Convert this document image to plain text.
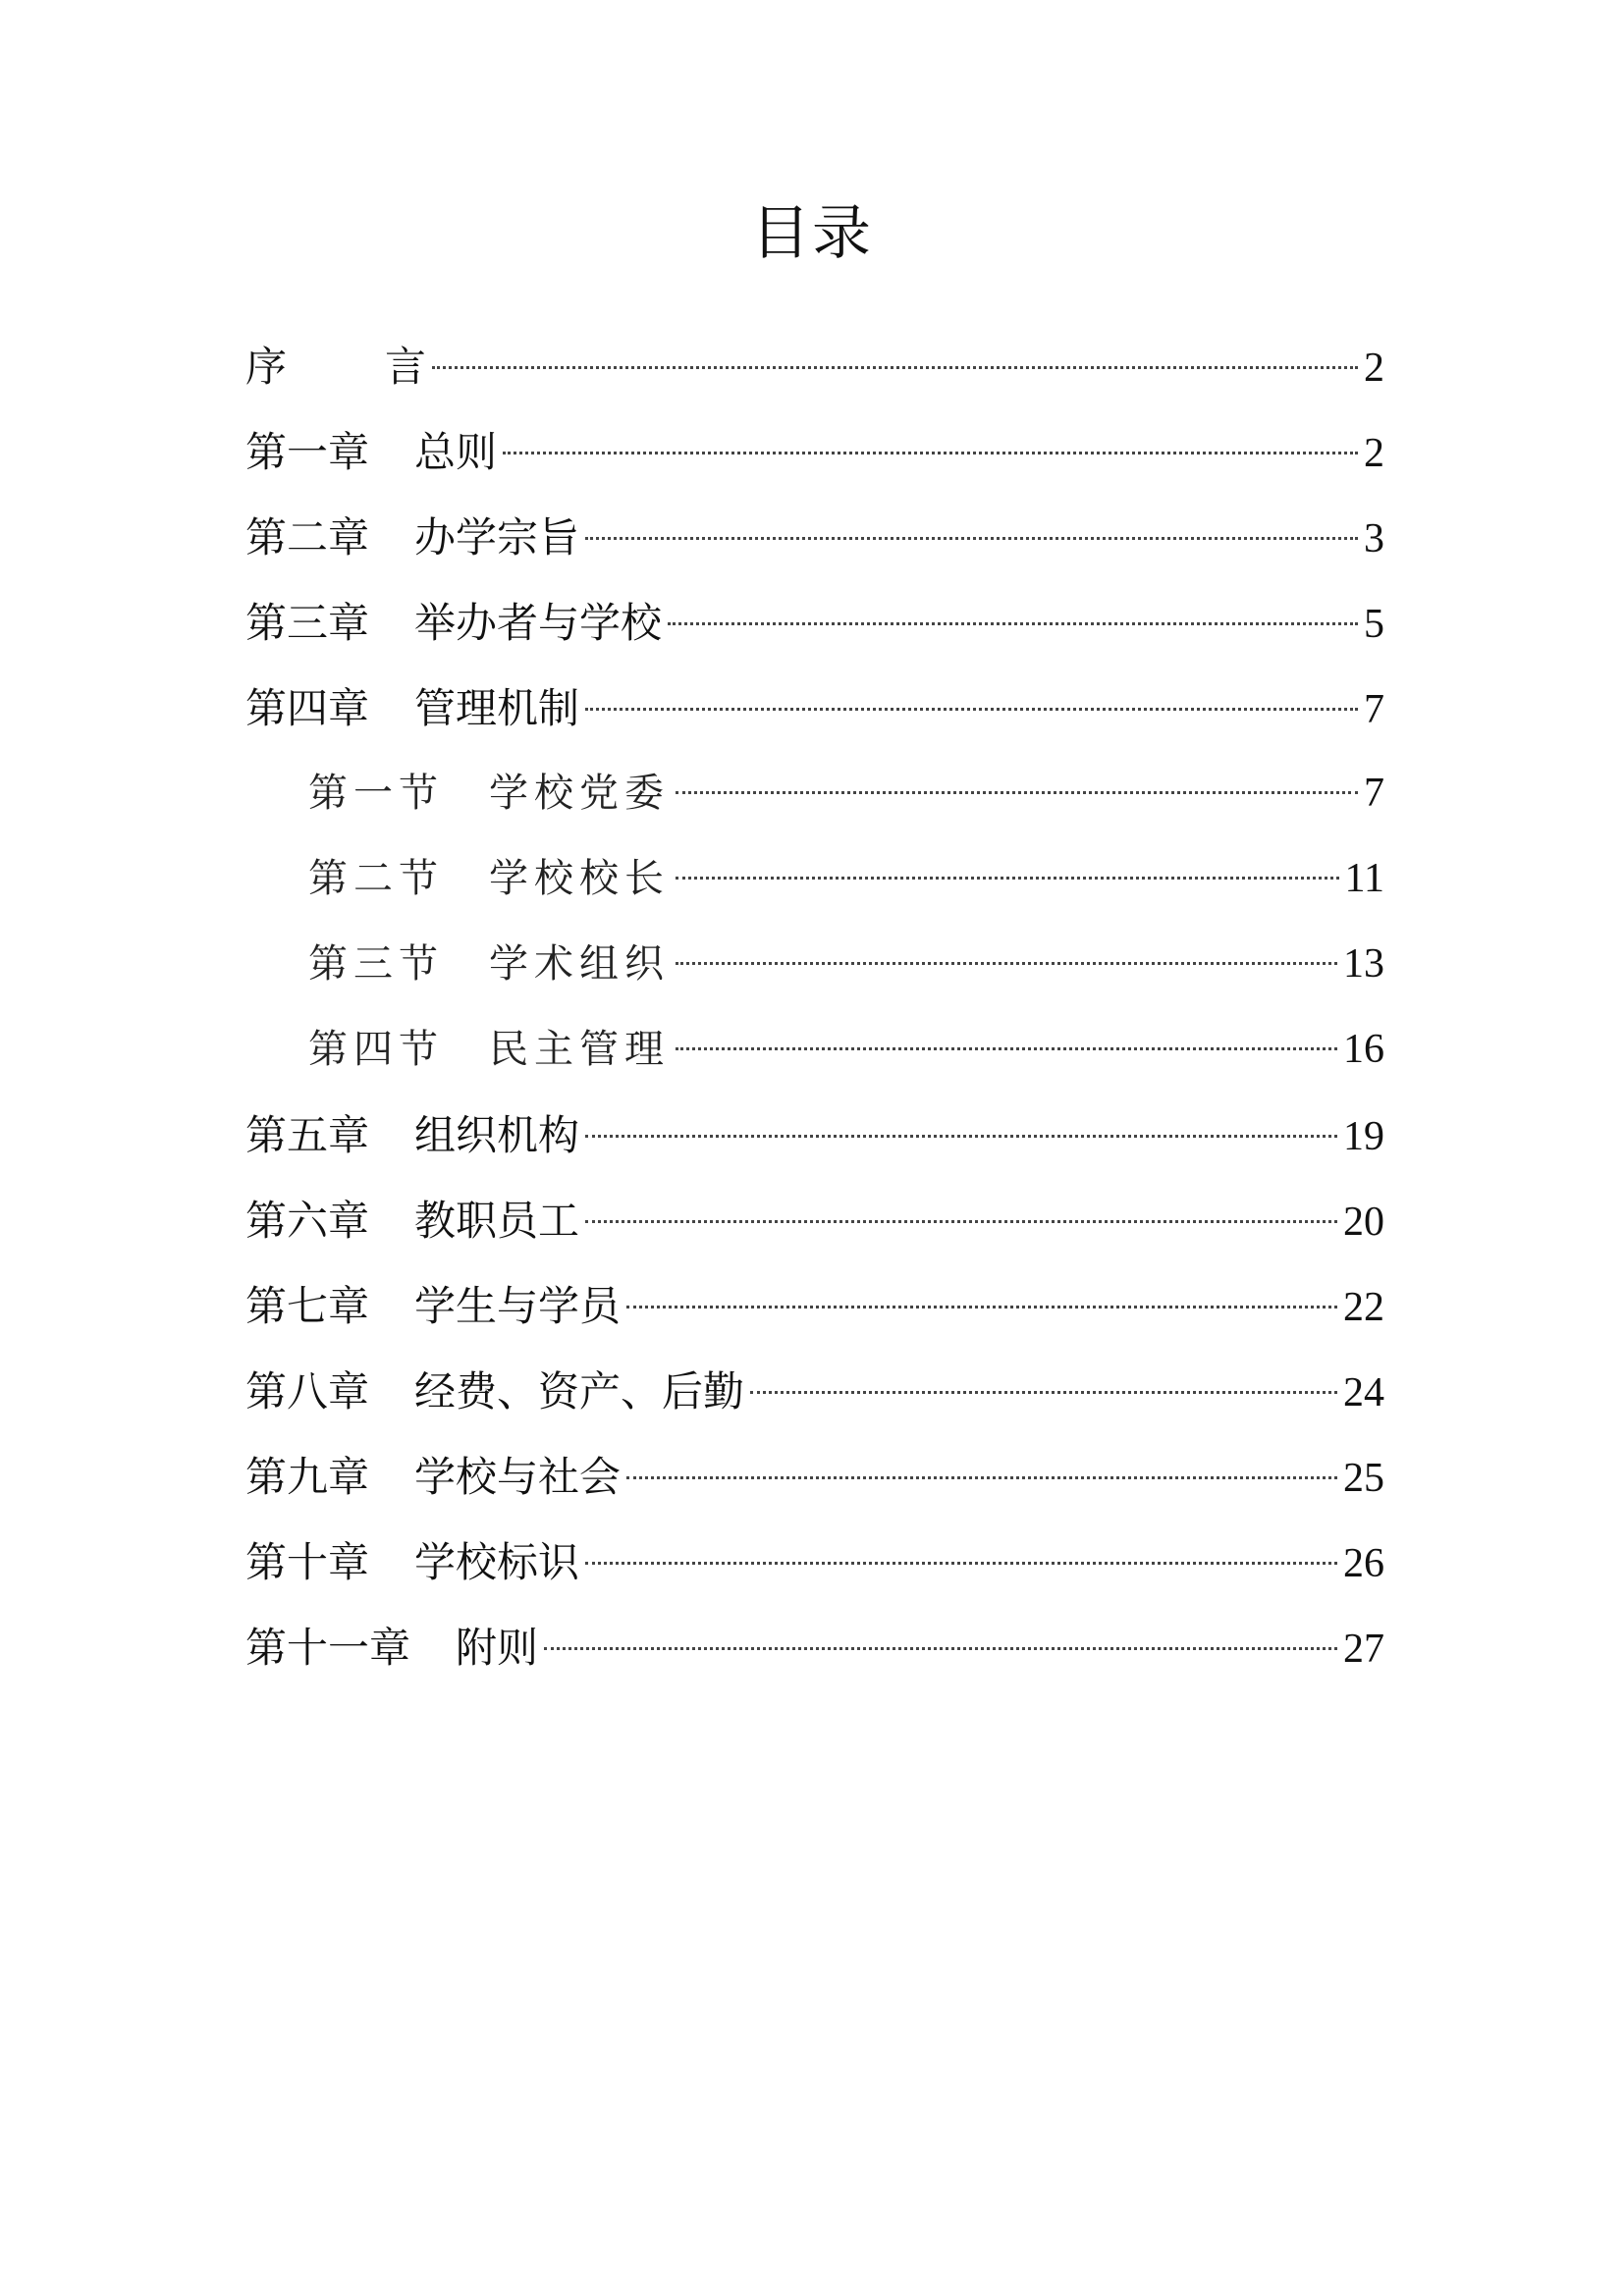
目录
序 言	2
第一章 总则	2
第二章 办学宗旨	3
第三章 举办者与学校	5
第四章 管理机制	7
第一节 学校党委	7
第二节 学校校长	11
第三节 学术组织	13
第四节 民主管理	16
第五章 组织机构	19
第六章 教职员工	20
第七章 学生与学员	22
第八章 经费、资产、后勤	24
第九章 学校与社会	25
第十章 学校标识	26
第十一章 附则	27
